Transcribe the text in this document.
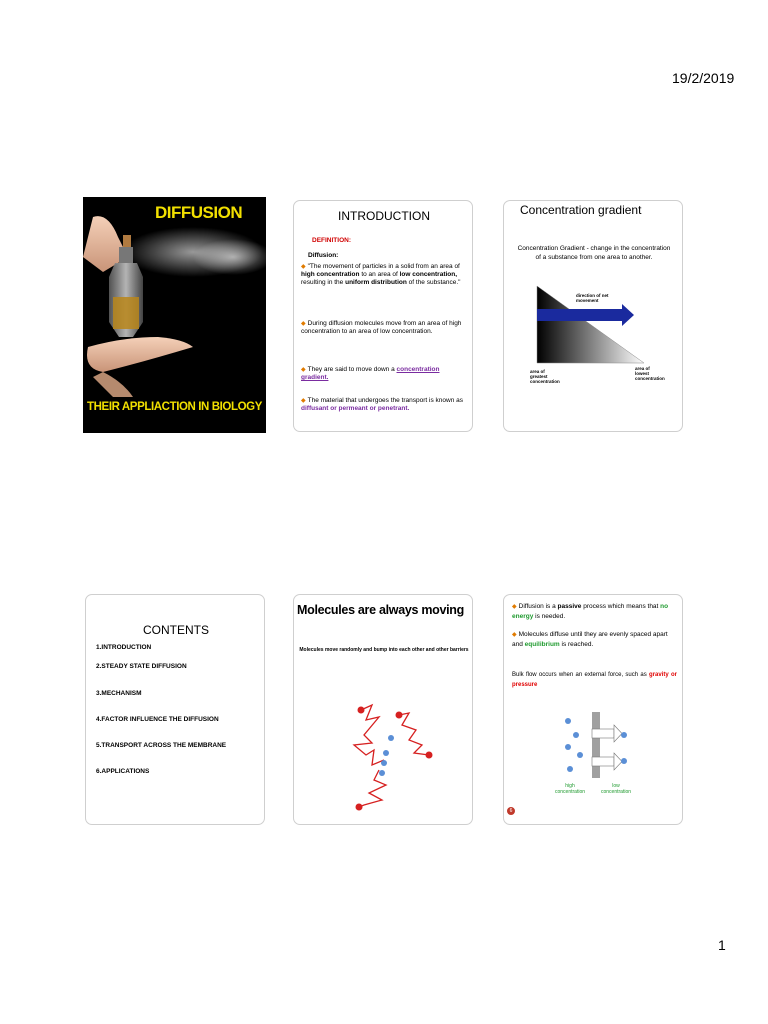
19/2/2019
DIFFUSION
THEIR APPLIACTION IN BIOLOGY
INTRODUCTION
DEFINITION:
Diffusion:
◆ "The movement of particles in a solid from an area of high concentration to an area of low concentration, resulting in the uniform distribution of the substance."
◆ During diffusion molecules move from an area of high concentration to an area of low concentration.
◆ They are said to move down a concentration gradient.
◆ The material that undergoes the transport is known as
diffusant or permeant or penetrant.
Concentration gradient
Concentration Gradient - change in the concentration of a substance from one area to another.
direction of net movement
area of greatest concentration
area of lowest concentration
CONTENTS
1.INTRODUCTION
2.STEADY STATE DIFFUSION
3.MECHANISM
4.FACTOR INFLUENCE THE DIFFUSION
5.TRANSPORT ACROSS THE MEMBRANE
6.APPLICATIONS
Molecules are always moving
Molecules move randomly and bump into each other and other barriers
◆ Diffusion is a passive process which means that no energy is needed.
◆ Molecules diffuse until they are evenly spaced apart and equilibrium is reached.
Bulk flow occurs when an external force, such as gravity or pressure
high concentration
low concentration
6
1
